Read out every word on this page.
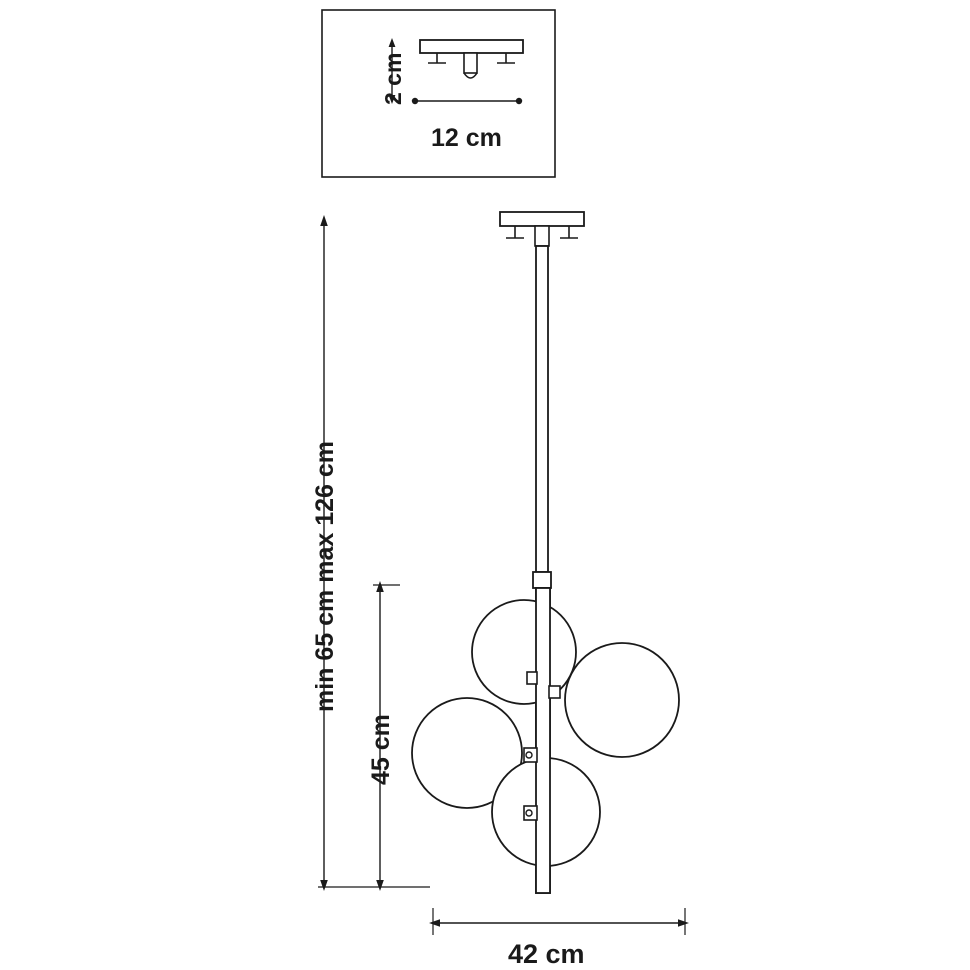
2 cm
12 cm
min 65 cm max 126 cm
45 cm
42 cm
